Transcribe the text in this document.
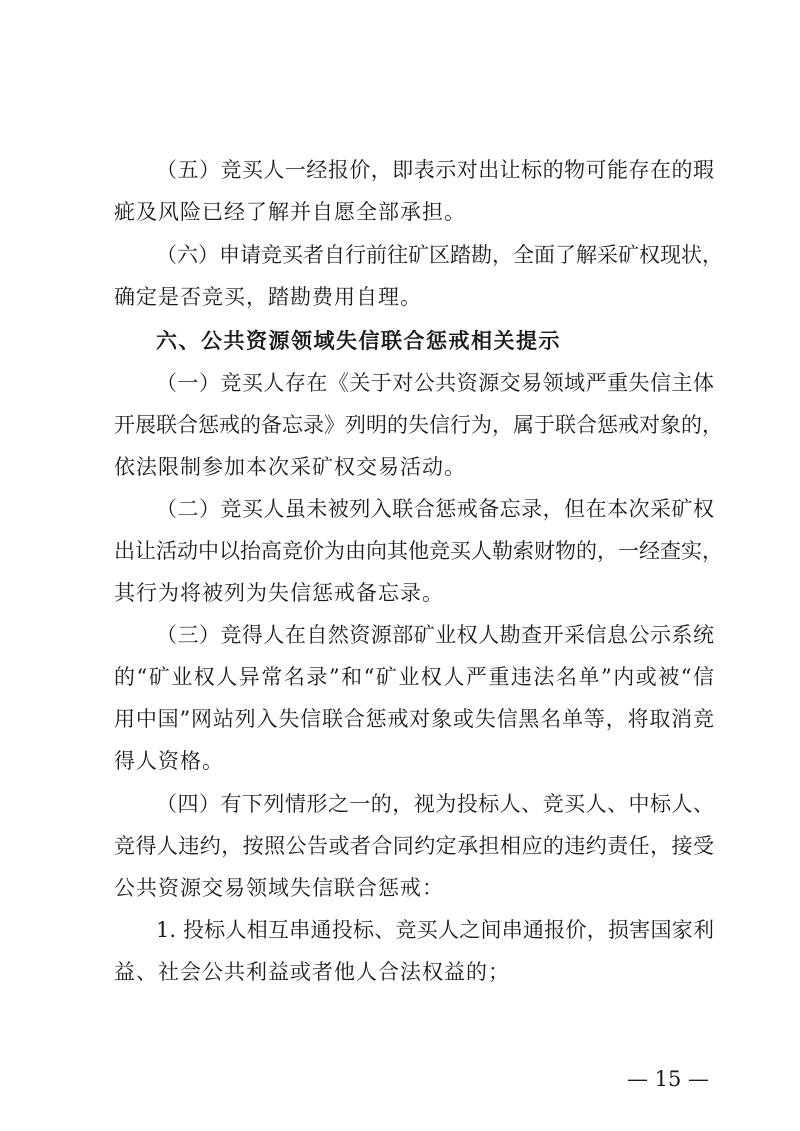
（五）竞买人一经报价，即表示对出让标的物可能存在的瑕

疵及风险已经了解并自愿全部承担。

（六）申请竞买者自行前往矿区踏勘，全面了解采矿权现状，

确定是否竞买，踏勘费用自理。

六、公共资源领域失信联合惩戒相关提示

（一）竞买人存在《关于对公共资源交易领域严重失信主体

开展联合惩戒的备忘录》列明的失信行为，属于联合惩戒对象的，

依法限制参加本次采矿权交易活动。

（二）竞买人虽未被列入联合惩戒备忘录，但在本次采矿权

出让活动中以抬高竞价为由向其他竞买人勒索财物的，一经查实，

其行为将被列为失信惩戒备忘录。

（三）竞得人在自然资源部矿业权人勘查开采信息公示系统

的“矿业权人异常名录”和“矿业权人严重违法名单”内或被“信

用中国”网站列入失信联合惩戒对象或失信黑名单等，将取消竞

得人资格。

（四）有下列情形之一的，视为投标人、竞买人、中标人、

竞得人违约，按照公告或者合同约定承担相应的违约责任，接受

公共资源交易领域失信联合惩戒：

1. 投标人相互串通投标、竞买人之间串通报价，损害国家利

益、社会公共利益或者他人合法权益的；

— 15 —
